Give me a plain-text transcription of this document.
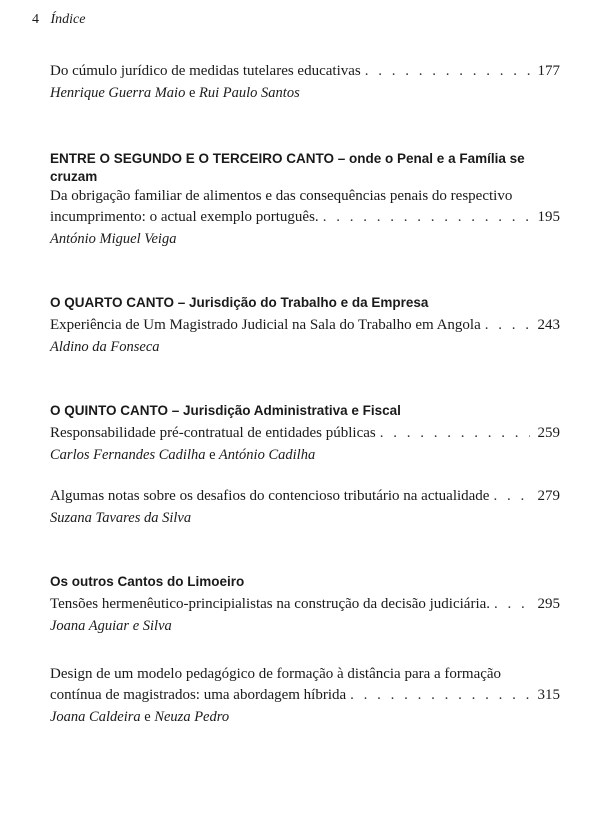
4 Índice
Do cúmulo jurídico de medidas tutelares educativas . . .	177
Henrique Guerra Maio e Rui Paulo Santos
ENTRE O SEGUNDO E O TERCEIRO CANTO – onde o Penal e a Família se cruzam
Da obrigação familiar de alimentos e das consequências penais do respectivo
incumprimento: o actual exemplo português. . . .	195
António Miguel Veiga
O QUARTO CANTO – Jurisdição do Trabalho e da Empresa
Experiência de Um Magistrado Judicial na Sala do Trabalho em Angola . . .	243
Aldino da Fonseca
O QUINTO CANTO – Jurisdição Administrativa e Fiscal
Responsabilidade pré-contratual de entidades públicas . . .	259
Carlos Fernandes Cadilha e António Cadilha
Algumas notas sobre os desafios do contencioso tributário na actualidade . . .	279
Suzana Tavares da Silva
Os outros Cantos do Limoeiro
Tensões hermenêutico-principialistas na construção da decisão judiciária. . . .	295
Joana Aguiar e Silva
Design de um modelo pedagógico de formação à distância para a formação
contínua de magistrados: uma abordagem híbrida . . .	315
Joana Caldeira e Neuza Pedro
